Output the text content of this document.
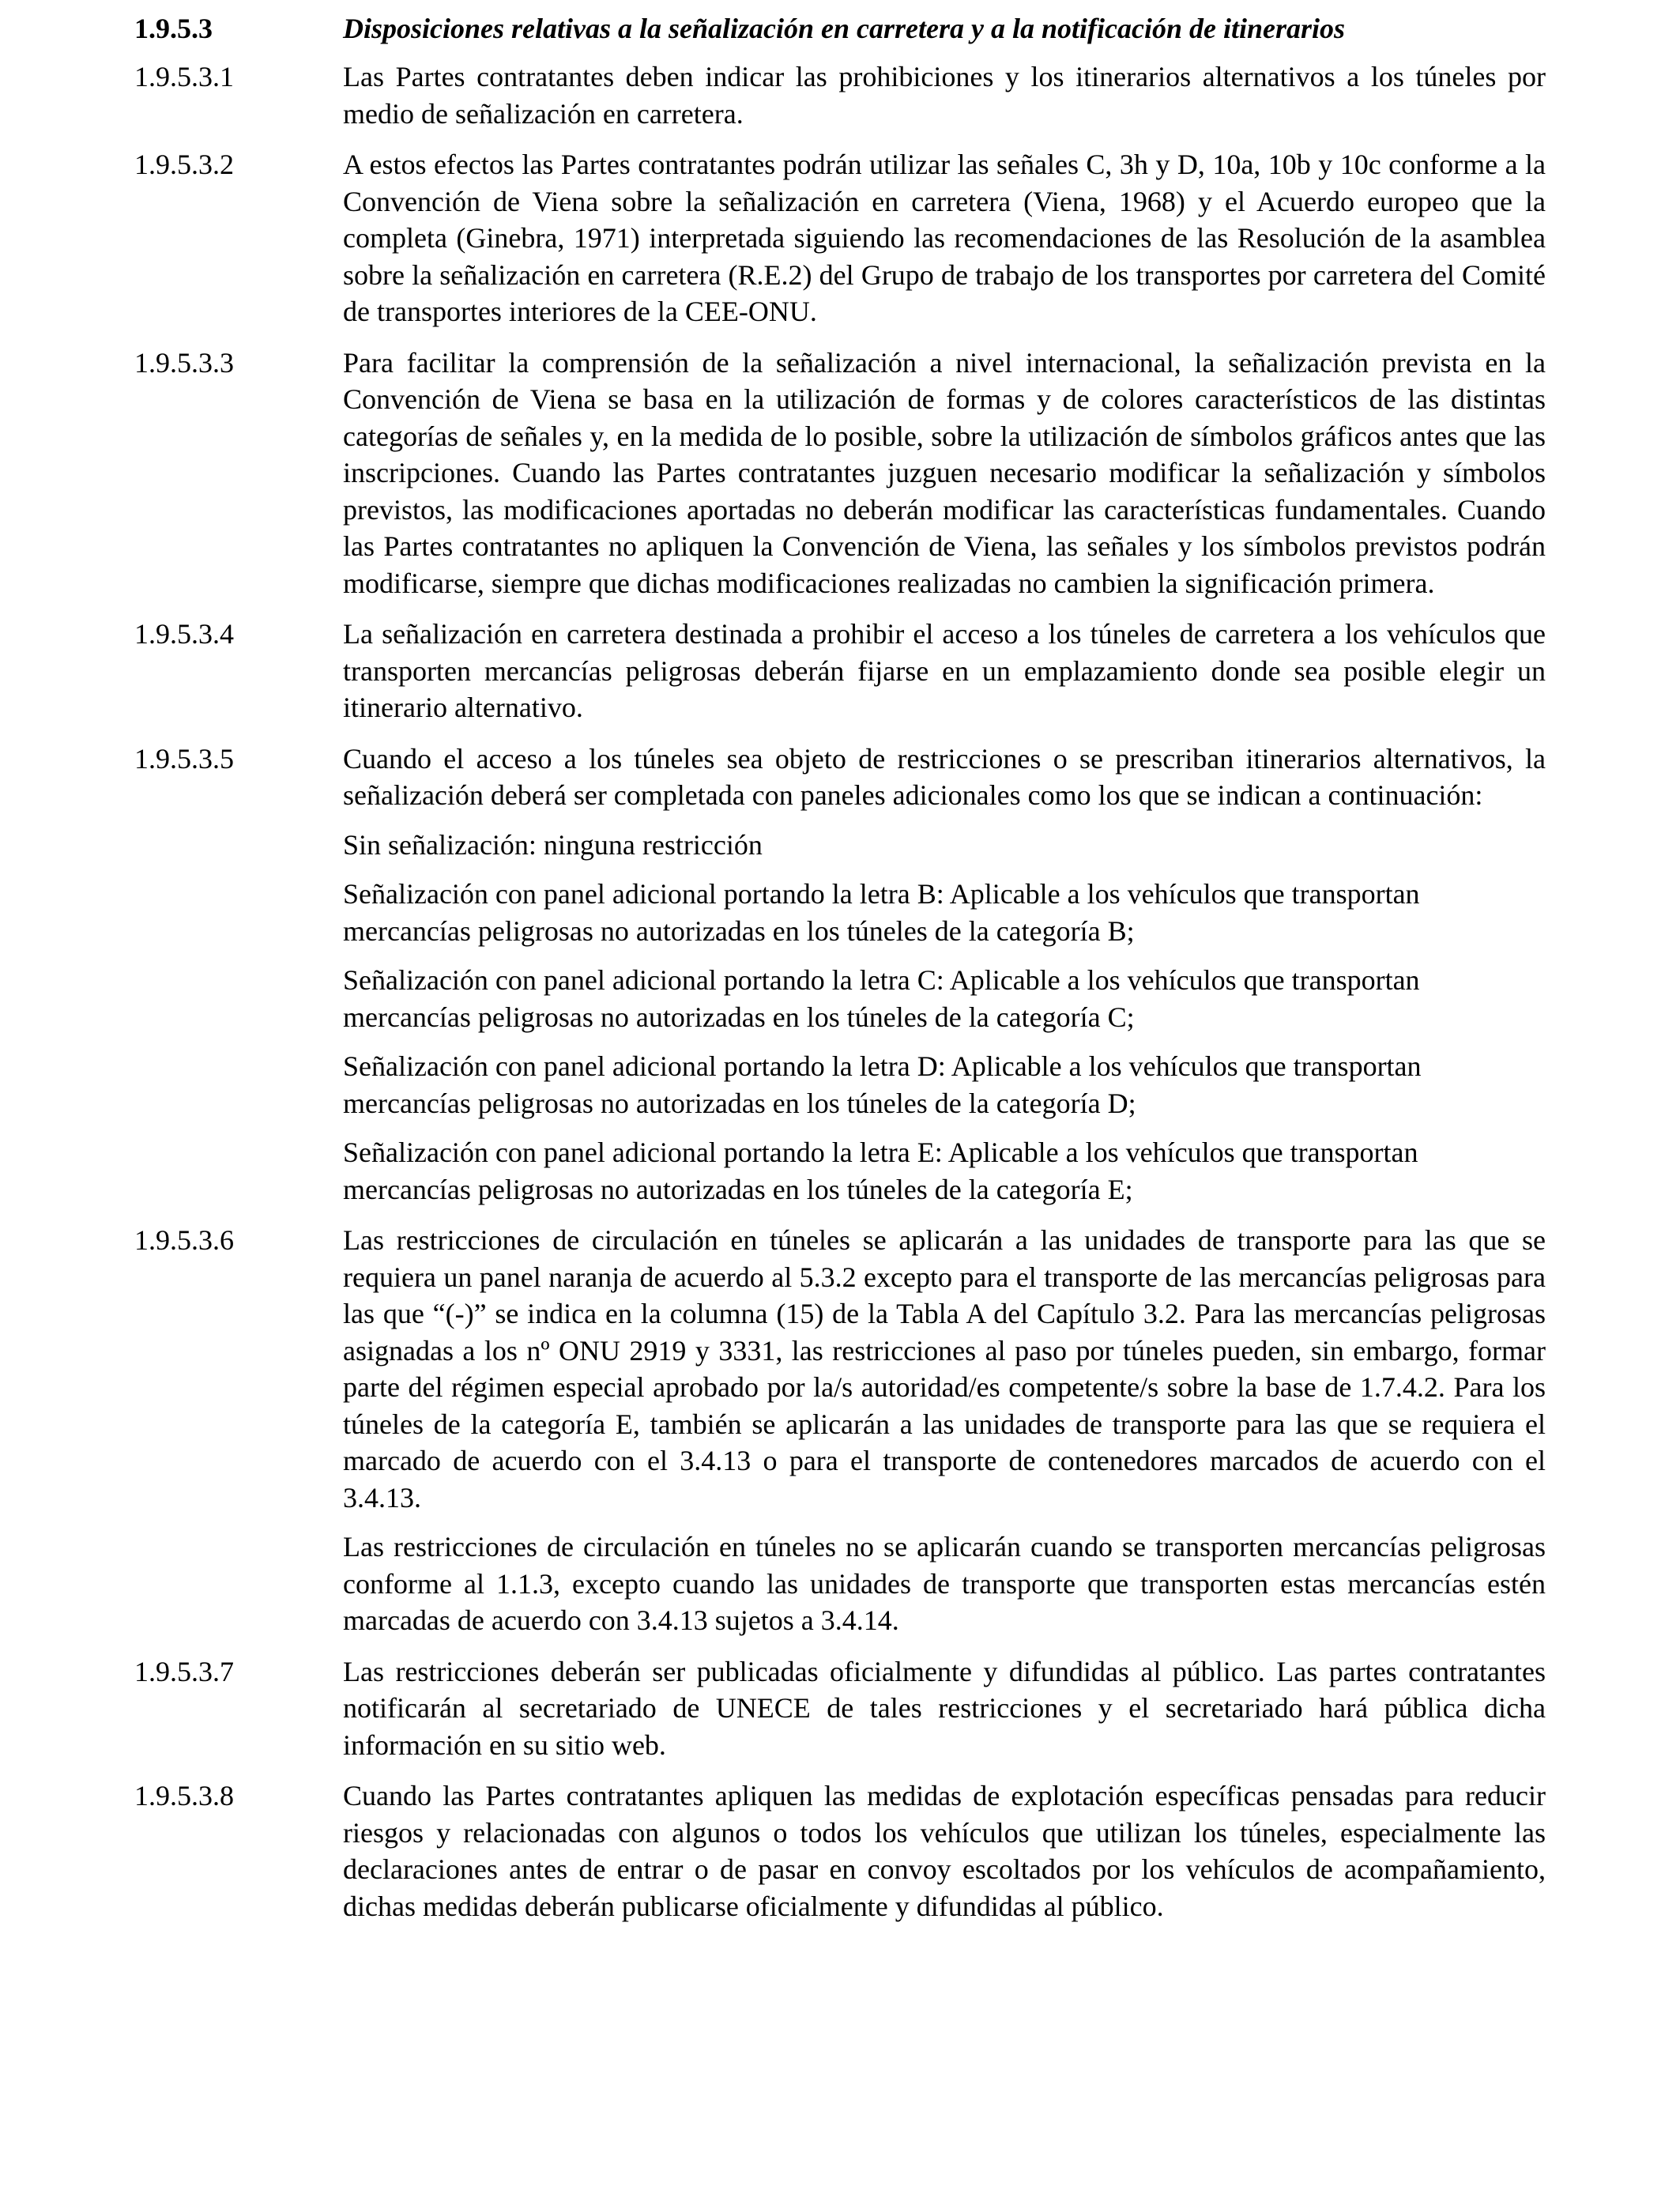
1.9.5.3	Disposiciones relativas a la señalización en carretera y a la notificación de itinerarios
1.9.5.3.1	Las Partes contratantes deben indicar las prohibiciones y los itinerarios alternativos a los túneles por medio de señalización en carretera.

1.9.5.3.2	A estos efectos las Partes contratantes podrán utilizar las señales C, 3h y D, 10a, 10b y 10c conforme a la Convención de Viena sobre la señalización en carretera (Viena, 1968) y el Acuerdo europeo que la completa (Ginebra, 1971) interpretada siguiendo las recomendaciones de las Resolución de la asamblea sobre la señalización en carretera (R.E.2) del Grupo de trabajo de los transportes por carretera del Comité de transportes interiores de la CEE-ONU.

1.9.5.3.3	Para facilitar la comprensión de la señalización a nivel internacional, la señalización prevista en la Convención de Viena se basa en la utilización de formas y de colores característicos de las distintas categorías de señales y, en la medida de lo posible, sobre la utilización de símbolos gráficos antes que las inscripciones. Cuando las Partes contratantes juzguen necesario modificar la señalización y símbolos previstos, las modificaciones aportadas no deberán modificar las características fundamentales. Cuando las Partes contratantes no apliquen la Convención de Viena, las señales y los símbolos previstos podrán modificarse, siempre que dichas modificaciones realizadas no cambien la significación primera.

1.9.5.3.4	La señalización en carretera destinada a prohibir el acceso a los túneles de carretera a los vehículos que transporten mercancías peligrosas deberán fijarse en un emplazamiento donde sea posible elegir un itinerario alternativo.

1.9.5.3.5	Cuando el acceso a los túneles sea objeto de restricciones o se prescriban itinerarios alternativos, la señalización deberá ser completada con paneles adicionales como los que se indican a continuación:

Sin señalización: ninguna restricción

Señalización con panel adicional portando la letra B: Aplicable a los vehículos que transportan mercancías peligrosas no autorizadas en los túneles de la categoría B;

Señalización con panel adicional portando la letra C: Aplicable a los vehículos que transportan mercancías peligrosas no autorizadas en los túneles de la categoría C;

Señalización con panel adicional portando la letra D: Aplicable a los vehículos que transportan mercancías peligrosas no autorizadas en los túneles de la categoría D;

Señalización con panel adicional portando la letra E: Aplicable a los vehículos que transportan mercancías peligrosas no autorizadas en los túneles de la categoría E;

1.9.5.3.6	Las restricciones de circulación en túneles se aplicarán a las unidades de transporte para las que se requiera un panel naranja de acuerdo al 5.3.2 excepto para el transporte de las mercancías peligrosas para las que “(-)” se indica en la columna (15) de la Tabla A del Capítulo 3.2. Para las mercancías peligrosas asignadas a los nº ONU 2919 y 3331, las restricciones al paso por túneles pueden, sin embargo, formar parte del régimen especial aprobado por la/s autoridad/es competente/s sobre la base de 1.7.4.2. Para los túneles de la categoría E, también se aplicarán a las unidades de transporte para las que se requiera el marcado de acuerdo con el 3.4.13 o para el transporte de contenedores marcados de acuerdo con el 3.4.13.

Las restricciones de circulación en túneles no se aplicarán cuando se transporten mercancías peligrosas conforme al 1.1.3, excepto cuando las unidades de transporte que transporten estas mercancías estén marcadas de acuerdo con 3.4.13 sujetos a 3.4.14.

1.9.5.3.7	Las restricciones deberán ser publicadas oficialmente y difundidas al público. Las partes contratantes notificarán al secretariado de UNECE de tales restricciones y el secretariado hará pública dicha información en su sitio web.

1.9.5.3.8	Cuando las Partes contratantes apliquen las medidas de explotación específicas pensadas para reducir riesgos y relacionadas con algunos o todos los vehículos que utilizan los túneles, especialmente las declaraciones antes de entrar o de pasar en convoy escoltados por los vehículos de acompañamiento, dichas medidas deberán publicarse oficialmente y difundidas al público.
